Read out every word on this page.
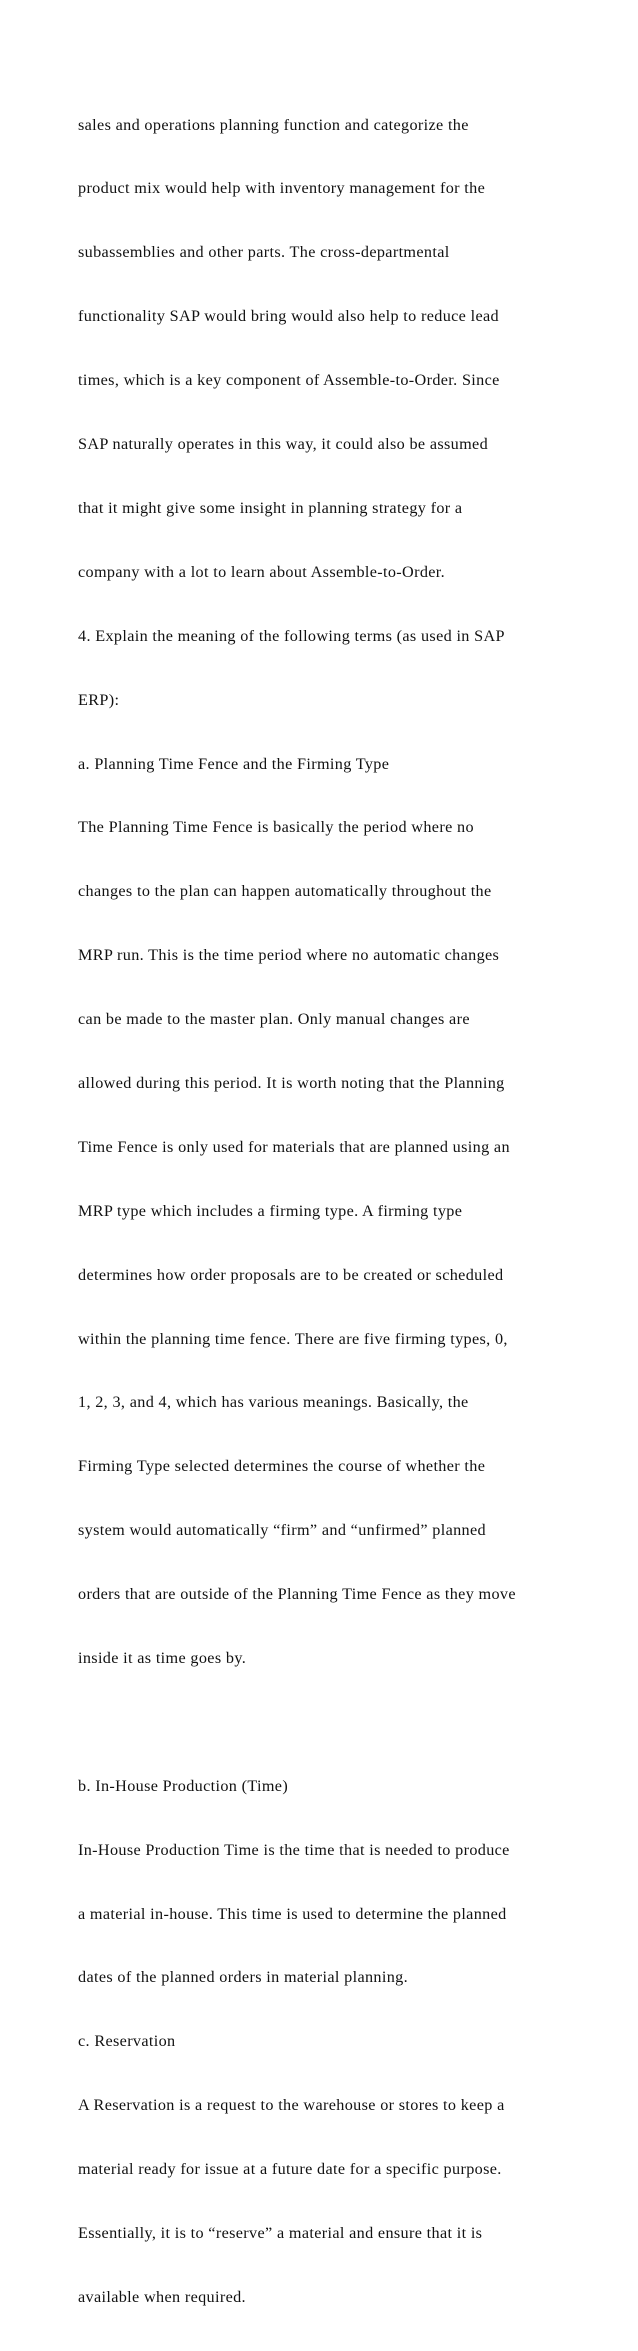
sales and operations planning function and categorize the

product mix would help with inventory management for the

subassemblies and other parts. The cross-departmental

functionality SAP would bring would also help to reduce lead

times, which is a key component of Assemble-to-Order. Since

SAP naturally operates in this way, it could also be assumed

that it might give some insight in planning strategy for a

company with a lot to learn about Assemble-to-Order.

4. Explain the meaning of the following terms (as used in SAP

ERP):

a. Planning Time Fence and the Firming Type

The Planning Time Fence is basically the period where no

changes to the plan can happen automatically throughout the

MRP run. This is the time period where no automatic changes

can be made to the master plan. Only manual changes are

allowed during this period. It is worth noting that the Planning

Time Fence is only used for materials that are planned using an

MRP type which includes a firming type. A firming type

determines how order proposals are to be created or scheduled

within the planning time fence. There are five firming types, 0,

1, 2, 3, and 4, which has various meanings. Basically, the

Firming Type selected determines the course of whether the

system would automatically “firm” and “unfirmed” planned

orders that are outside of the Planning Time Fence as they move

inside it as time goes by.

b. In-House Production (Time)

In-House Production Time is the time that is needed to produce

a material in-house. This time is used to determine the planned

dates of the planned orders in material planning.

c. Reservation

A Reservation is a request to the warehouse or stores to keep a

material ready for issue at a future date for a specific purpose.

Essentially, it is to “reserve” a material and ensure that it is

available when required.
